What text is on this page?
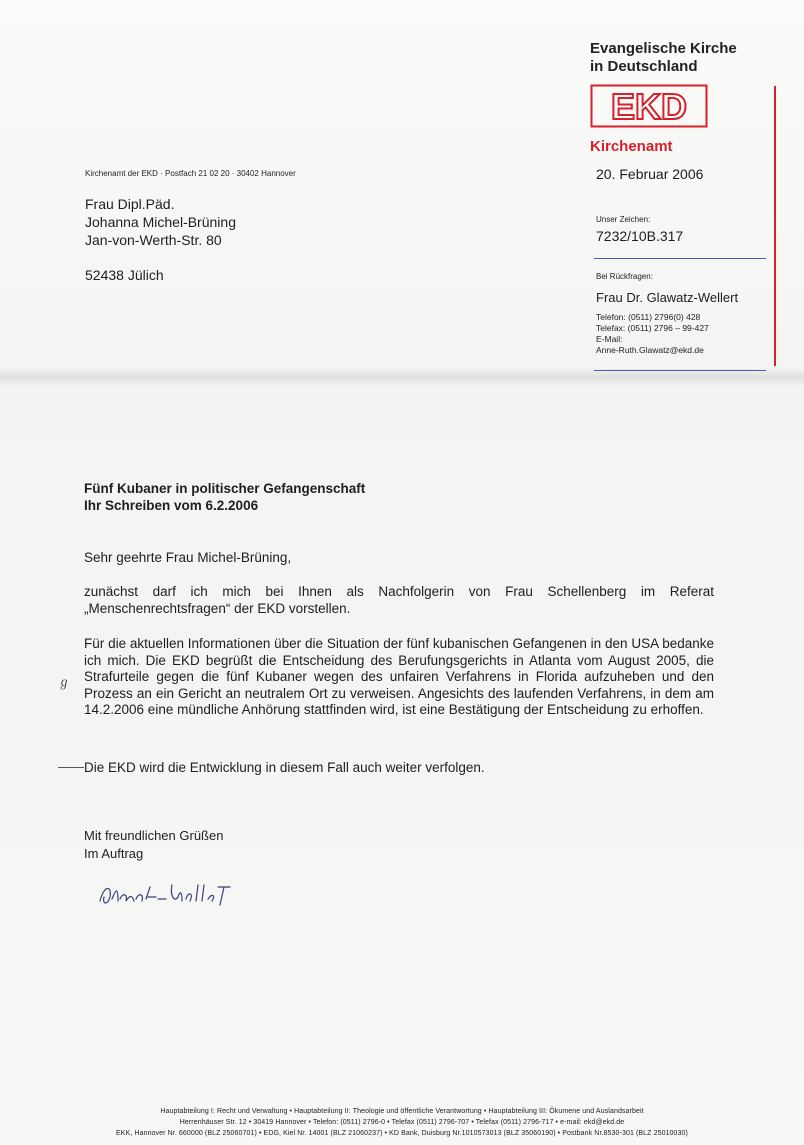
Evangelische Kirche
in Deutschland
EKD
Kirchenamt
20. Februar 2006
Kirchenamt der EKD · Postfach 21 02 20 · 30402 Hannover
Frau Dipl.Päd.
Johanna Michel-Brüning
Jan-von-Werth-Str. 80
52438 Jülich
Unser Zeichen:
7232/10B.317
Bei Rückfragen:
Frau Dr. Glawatz-Wellert
Telefon: (0511) 2796(0) 428
Telefax: (0511) 2796 – 99-427
E-Mail:
Anne-Ruth.Glawatz@ekd.de
Fünf Kubaner in politischer Gefangenschaft
Ihr Schreiben vom 6.2.2006
Sehr geehrte Frau Michel-Brüning,
zunächst darf ich mich bei Ihnen als Nachfolgerin von Frau Schellenberg im Referat „Menschenrechtsfragen“ der EKD vorstellen.
Für die aktuellen Informationen über die Situation der fünf kubanischen Gefangenen in den USA bedanke ich mich. Die EKD begrüßt die Entscheidung des Berufungsgerichts in Atlanta vom August 2005, die Strafurteile gegen die fünf Kubaner wegen des unfairen Verfahrens in Florida aufzuheben und den Prozess an ein Gericht an neutralem Ort zu verweisen. Angesichts des laufenden Verfahrens, in dem am 14.2.2006 eine mündliche Anhörung stattfinden wird, ist eine Bestätigung der Entscheidung zu erhoffen.
Die EKD wird die Entwicklung in diesem Fall auch weiter verfolgen.
ℊ
Mit freundlichen Grüßen
Im Auftrag
Hauptabteilung I: Recht und Verwaltung • Hauptabteilung II: Theologie und öffentliche Verantwortung • Hauptabteilung III: Ökumene und Auslandsarbeit
Herrenhäuser Str. 12 • 30419 Hannover • Telefon: (0511) 2796-0 • Telefax (0511) 2796-707 • Telefax (0511) 2796-717 • e-mail: ekd@ekd.de
EKK, Hannover Nr. 660000 (BLZ 25060701) • EDG, Kiel Nr. 14001 (BLZ 21060237) • KD Bank, Duisburg Nr.1010573013 (BLZ 35060190) • Postbank Nr.8530-301 (BLZ 25010030)
